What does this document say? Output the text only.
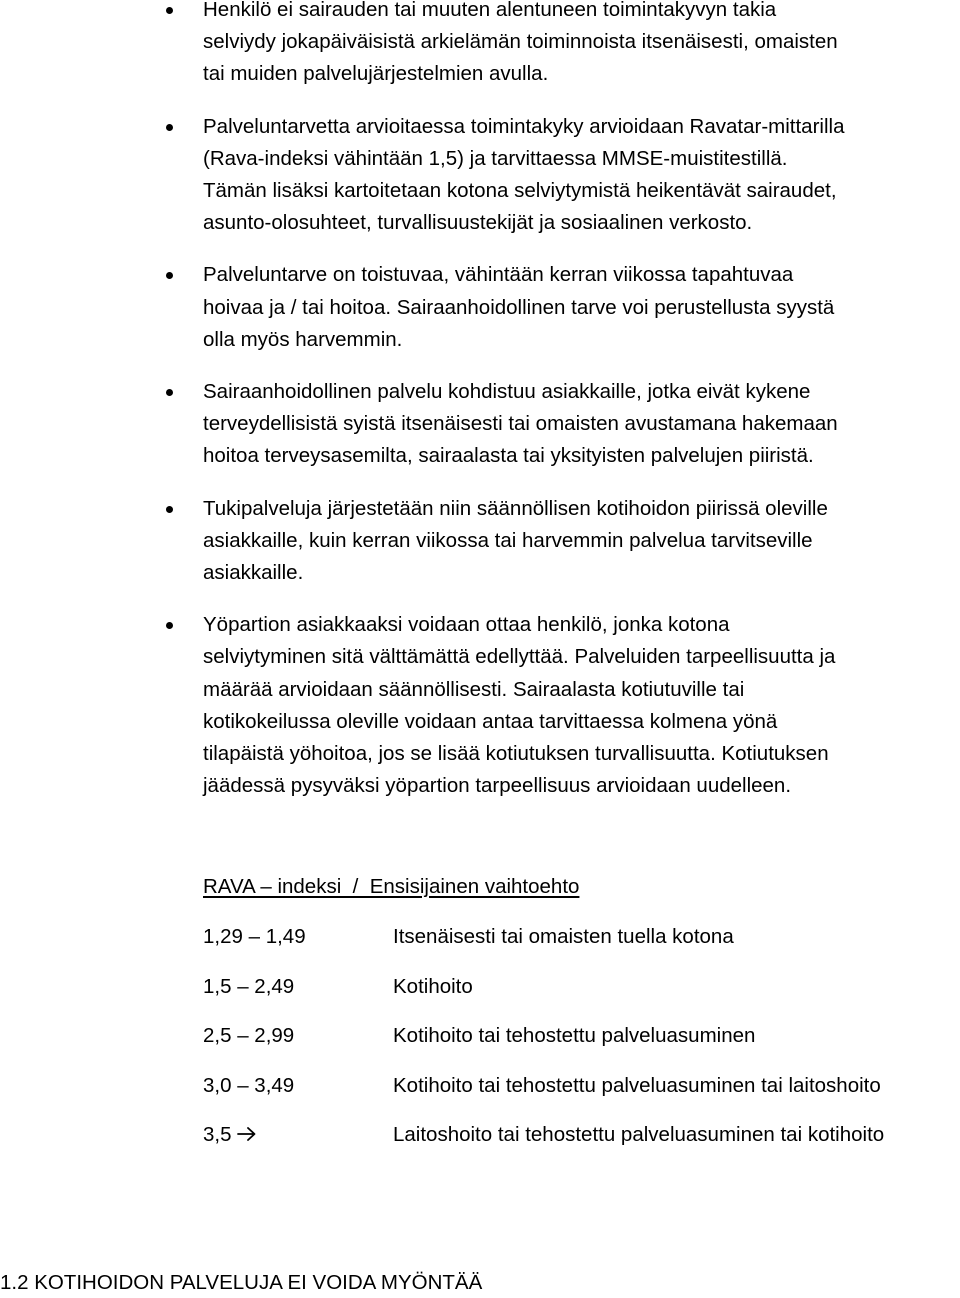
Henkilö ei sairauden tai muuten alentuneen toimintakyvyn takia
selviydy jokapäiväisistä arkielämän toiminnoista itsenäisesti, omaisten
tai muiden palvelujärjestelmien avulla.
Palveluntarvetta arvioitaessa toimintakyky arvioidaan Ravatar-mittarilla
(Rava-indeksi vähintään 1,5) ja tarvittaessa MMSE-muistitestillä.
Tämän lisäksi kartoitetaan kotona selviytymistä heikentävät sairaudet,
asunto-olosuhteet, turvallisuustekijät ja sosiaalinen verkosto.
Palveluntarve on toistuvaa, vähintään kerran viikossa tapahtuvaa
hoivaa ja / tai hoitoa. Sairaanhoidollinen tarve voi perustellusta syystä
olla myös harvemmin.
Sairaanhoidollinen palvelu kohdistuu asiakkaille, jotka eivät kykene
terveydellisistä syistä itsenäisesti tai omaisten avustamana hakemaan
hoitoa terveysasemilta, sairaalasta tai yksityisten palvelujen piiristä.
Tukipalveluja järjestetään niin säännöllisen kotihoidon piirissä oleville
asiakkaille, kuin kerran viikossa tai harvemmin palvelua tarvitseville
asiakkaille.
Yöpartion asiakkaaksi voidaan ottaa henkilö, jonka kotona
selviytyminen sitä välttämättä edellyttää. Palveluiden tarpeellisuutta ja
määrää arvioidaan säännöllisesti. Sairaalasta kotiutuville tai
kotikokeilussa oleville voidaan antaa tarvittaessa kolmena yönä
tilapäistä yöhoitoa, jos se lisää kotiutuksen turvallisuutta. Kotiutuksen
jäädessä pysyväksi yöpartion tarpeellisuus arvioidaan uudelleen.
RAVA – indeksi  /  Ensisijainen vaihtoehto
1,29 – 1,49	Itsenäisesti tai omaisten tuella kotona
1,5 – 2,49	Kotihoito
2,5 – 2,99	Kotihoito tai tehostettu palveluasuminen
3,0 – 3,49	Kotihoito tai tehostettu palveluasuminen tai laitoshoito
3,5	Laitoshoito tai tehostettu palveluasuminen tai kotihoito
1.2 KOTIHOIDON PALVELUJA EI VOIDA MYÖNTÄÄ
